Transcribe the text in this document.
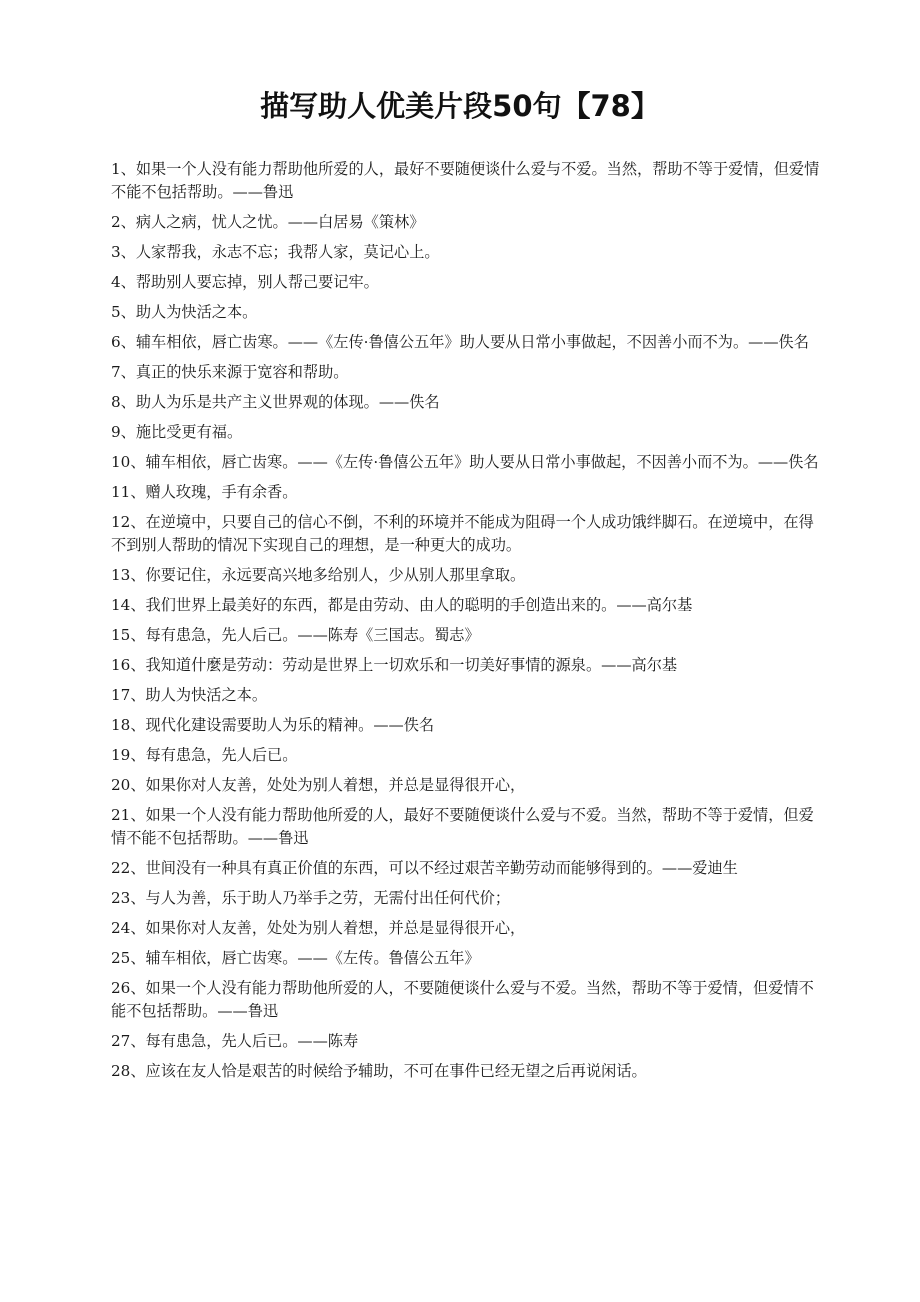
描写助人优美片段50句【78】
1、如果一个人没有能力帮助他所爱的人，最好不要随便谈什么爱与不爱。当然，帮助不等于爱情，但爱情不能不包括帮助。——鲁迅
2、病人之病，忧人之忧。——白居易《策林》
3、人家帮我，永志不忘；我帮人家，莫记心上。
4、帮助别人要忘掉，别人帮己要记牢。
5、助人为快活之本。
6、辅车相依，唇亡齿寒。——《左传·鲁僖公五年》助人要从日常小事做起，不因善小而不为。——佚名
7、真正的快乐来源于宽容和帮助。
8、助人为乐是共产主义世界观的体现。——佚名
9、施比受更有福。
10、辅车相依，唇亡齿寒。——《左传·鲁僖公五年》助人要从日常小事做起，不因善小而不为。——佚名
11、赠人玫瑰，手有余香。
12、在逆境中，只要自己的信心不倒，不利的环境并不能成为阻碍一个人成功饿绊脚石。在逆境中，在得不到别人帮助的情况下实现自己的理想，是一种更大的成功。
13、你要记住，永远要高兴地多给别人，少从别人那里拿取。
14、我们世界上最美好的东西，都是由劳动、由人的聪明的手创造出来的。——高尔基
15、每有患急，先人后己。——陈寿《三国志。蜀志》
16、我知道什麼是劳动：劳动是世界上一切欢乐和一切美好事情的源泉。——高尔基
17、助人为快活之本。
18、现代化建设需要助人为乐的精神。——佚名
19、每有患急，先人后已。
20、如果你对人友善，处处为别人着想，并总是显得很开心，
21、如果一个人没有能力帮助他所爱的人，最好不要随便谈什么爱与不爱。当然，帮助不等于爱情，但爱情不能不包括帮助。——鲁迅
22、世间没有一种具有真正价值的东西，可以不经过艰苦辛勤劳动而能够得到的。——爱迪生
23、与人为善，乐于助人乃举手之劳，无需付出任何代价；
24、如果你对人友善，处处为别人着想，并总是显得很开心，
25、辅车相依，唇亡齿寒。——《左传。鲁僖公五年》
26、如果一个人没有能力帮助他所爱的人，不要随便谈什么爱与不爱。当然，帮助不等于爱情，但爱情不能不包括帮助。——鲁迅
27、每有患急，先人后已。——陈寿
28、应该在友人恰是艰苦的时候给予辅助，不可在事件已经无望之后再说闲话。
